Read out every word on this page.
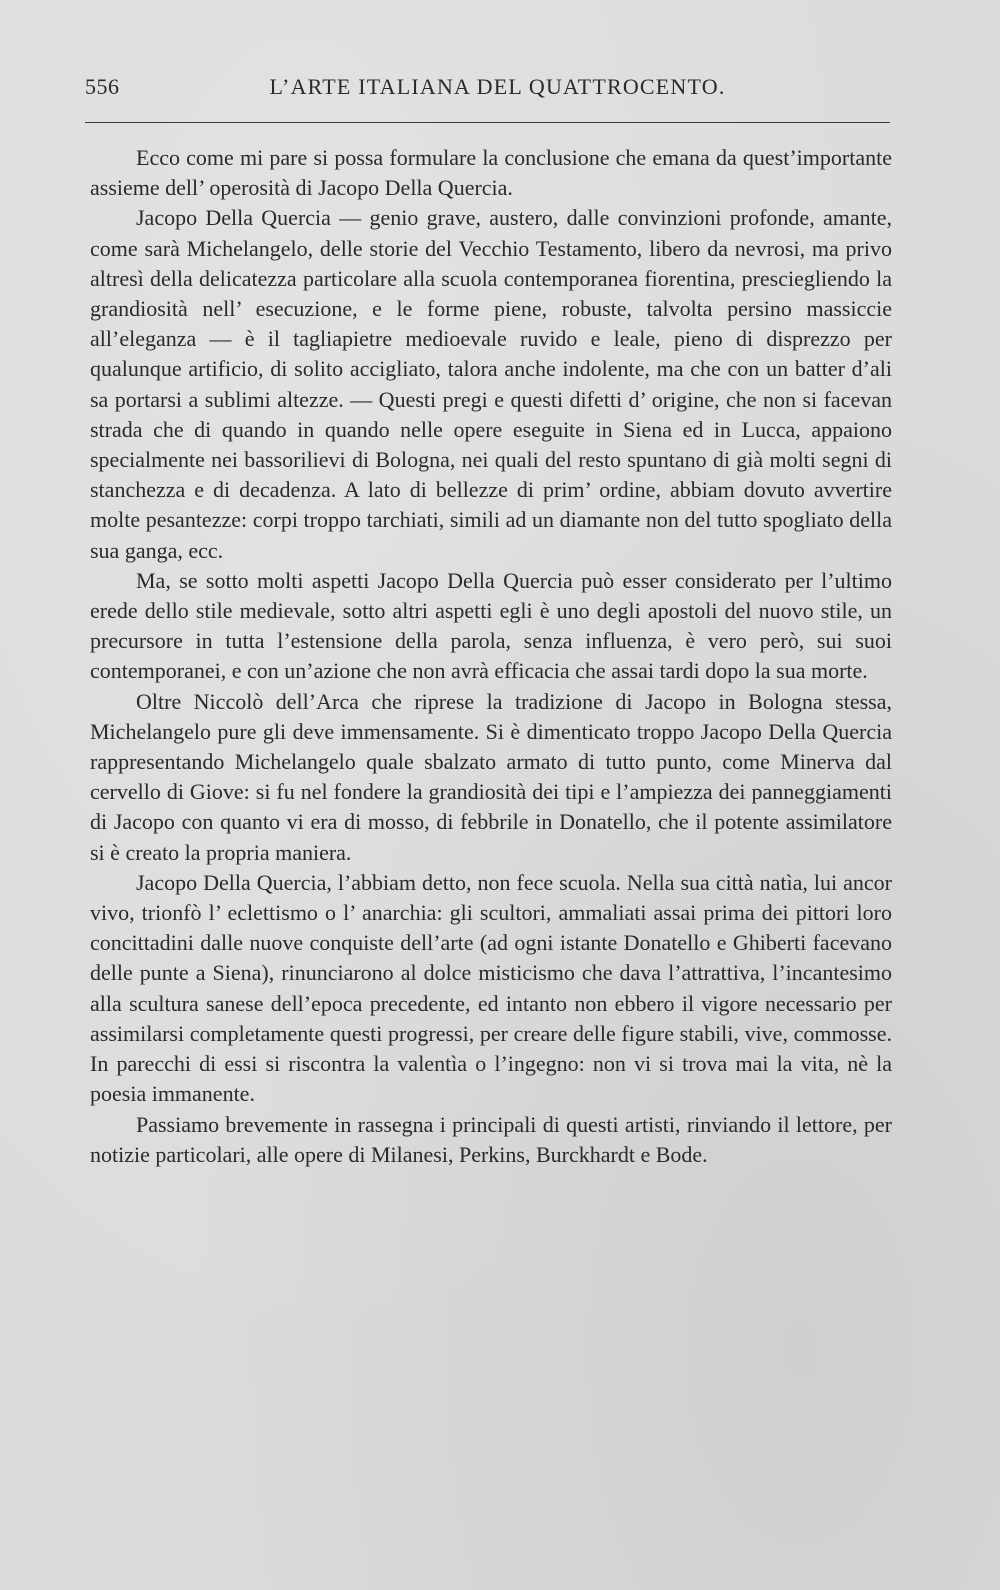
556	L’ARTE ITALIANA DEL QUATTROCENTO.

Ecco come mi pare si possa formulare la conclusione che emana da quest’importante assieme dell’ operosità di Jacopo Della Quercia.

Jacopo Della Quercia — genio grave, austero, dalle convinzioni profonde, amante, come sarà Michelangelo, delle storie del Vecchio Testamento, libero da nevrosi, ma privo altresì della delicatezza particolare alla scuola contemporanea fiorentina, presciegliendo la grandiosità nell’ esecuzione, e le forme piene, robuste, talvolta persino massiccie all’eleganza — è il tagliapietre medioevale ruvido e leale, pieno di disprezzo per qualunque artificio, di solito accigliato, talora anche indolente, ma che con un batter d’ali sa portarsi a sublimi altezze. — Questi pregi e questi difetti d’ origine, che non si facevan strada che di quando in quando nelle opere eseguite in Siena ed in Lucca, appaiono specialmente nei bassorilievi di Bologna, nei quali del resto spuntano di già molti segni di stanchezza e di decadenza. A lato di bellezze di prim’ ordine, abbiam dovuto avvertire molte pesantezze: corpi troppo tarchiati, simili ad un diamante non del tutto spogliato della sua ganga, ecc.

Ma, se sotto molti aspetti Jacopo Della Quercia può esser considerato per l’ultimo erede dello stile medievale, sotto altri aspetti egli è uno degli apostoli del nuovo stile, un precursore in tutta l’estensione della parola, senza influenza, è vero però, sui suoi contemporanei, e con un’azione che non avrà efficacia che assai tardi dopo la sua morte.

Oltre Niccolò dell’Arca che riprese la tradizione di Jacopo in Bologna stessa, Michelangelo pure gli deve immensamente. Si è dimenticato troppo Jacopo Della Quercia rappresentando Michelangelo quale sbalzato armato di tutto punto, come Minerva dal cervello di Giove: si fu nel fondere la grandiosità dei tipi e l’ampiezza dei panneggiamenti di Jacopo con quanto vi era di mosso, di febbrile in Donatello, che il potente assimilatore si è creato la propria maniera.

Jacopo Della Quercia, l’abbiam detto, non fece scuola. Nella sua città natìa, lui ancor vivo, trionfò l’ eclettismo o l’ anarchia: gli scultori, ammaliati assai prima dei pittori loro concittadini dalle nuove conquiste dell’arte (ad ogni istante Donatello e Ghiberti facevano delle punte a Siena), rinunciarono al dolce misticismo che dava l’attrattiva, l’incantesimo alla scultura sanese dell’epoca precedente, ed intanto non ebbero il vigore necessario per assimilarsi completamente questi progressi, per creare delle figure stabili, vive, commosse. In parecchi di essi si riscontra la valentìa o l’ingegno: non vi si trova mai la vita, nè la poesia immanente.

Passiamo brevemente in rassegna i principali di questi artisti, rinviando il lettore, per notizie particolari, alle opere di Milanesi, Perkins, Burckhardt e Bode.
